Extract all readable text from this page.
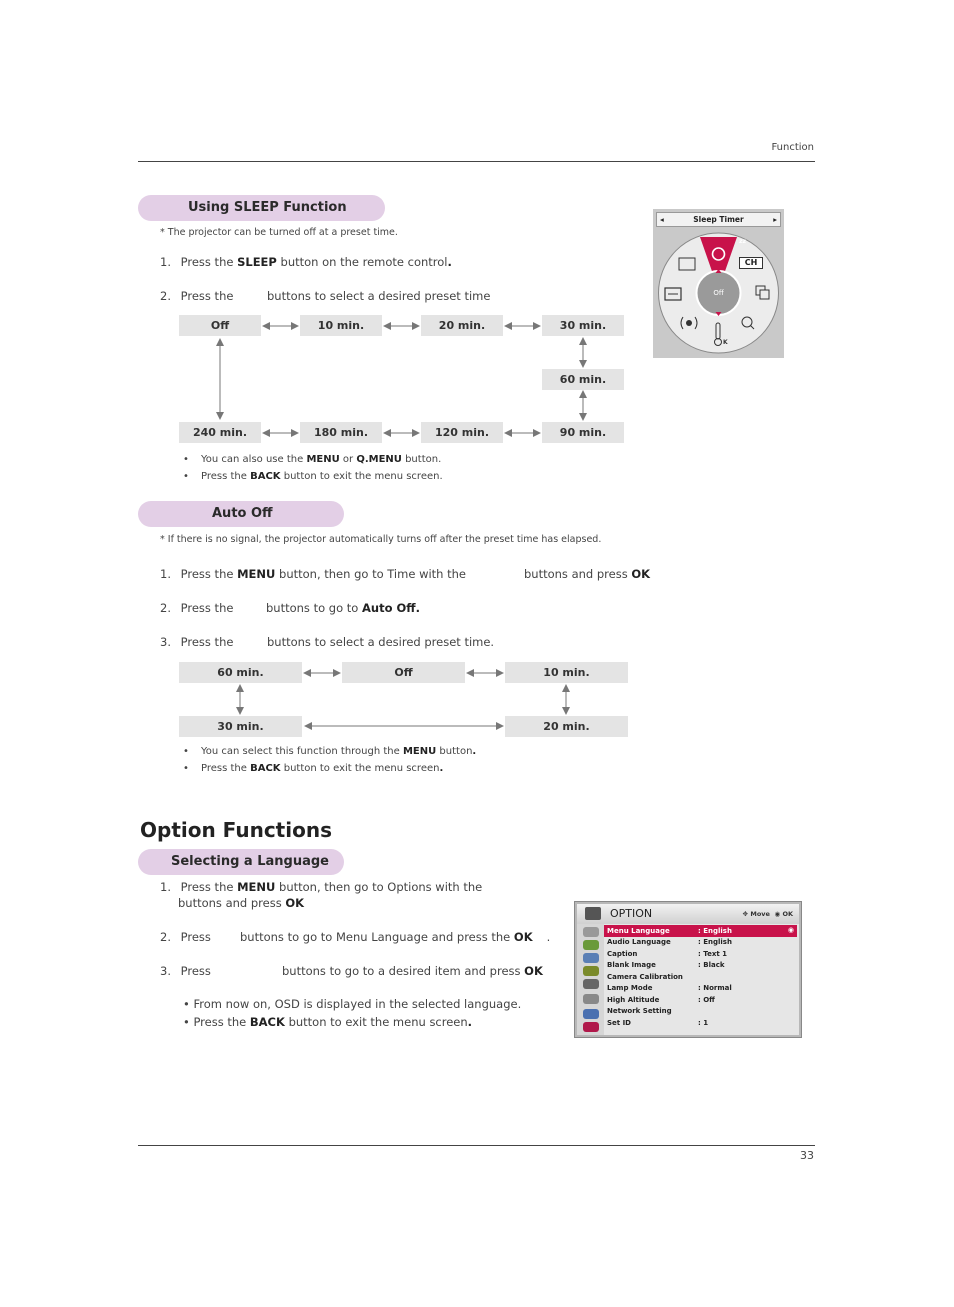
Function
Using SLEEP Function
* The projector can be turned off at a preset time.
1. Press the SLEEP button on the remote control.
2. Press the	buttons to select a desired preset time
Off	10 min.	20 min.	30 min.
60 min.
90 min.
120 min.
180 min.
240 min.
• You can also use the MENU or Q.MENU button.
• Press the BACK button to exit the menu screen.
◂	Sleep Timer	▸
zz
CH
Off
K
Auto Off
* If there is no signal, the projector automatically turns off after the preset time has elapsed.
1. Press the MENU button, then go to Time with the	buttons and press OK
2. Press the	buttons to go to Auto Off.
3. Press the	buttons to select a desired preset time.
60 min.	Off	10 min.
30 min.	20 min.
• You can select this function through the MENU button.
• Press the BACK button to exit the menu screen.
Option Functions
Selecting a Language
1. Press the MENU button, then go to Options with the
buttons and press OK
2. Press	buttons to go to Menu Language and press the OK .
3. Press	buttons to go to a desired item and press OK
• From now on, OSD is displayed in the selected language.
• Press the BACK button to exit the menu screen.
OPTION	✥ Move ◉ OK
Menu Language	: English	◉
Audio Language	: English
Caption	: Text 1
Blank Image	: Black
Camera Calibration
Lamp Mode	: Normal
High Altitude	: Off
Network Setting
Set ID	: 1
33
